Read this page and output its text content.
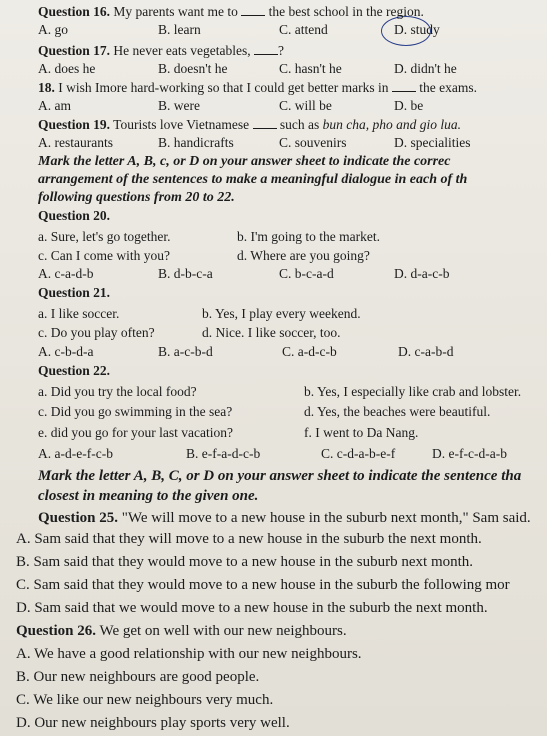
Question 16. My parents want me to  the best school in the region.
A. go	B. learn	C. attend	D. study
Question 17. He never eats vegetables, ?
A. does he	B. doesn't he	C. hasn't he	D. didn't he
18. I wish Imore hard-working so that I could get better marks in  the exams.
A. am	B. were	C. will be	D. be
Question 19. Tourists love Vietnamese  such as bun cha, pho and gio lua.
A. restaurants	B. handicrafts	C. souvenirs	D. specialities
Mark the letter A, B, c, or D on your answer sheet to indicate the correc
arrangement of the sentences to make a meaningful dialogue in each of th
following questions from 20 to 22.
Question 20.
a. Sure, let's go together.	b. I'm going to the market.
c. Can I come with you?	d. Where are you going?
A. c-a-d-b	B. d-b-c-a	C. b-c-a-d	D. d-a-c-b
Question 21.
a. I like soccer.	b. Yes, I play every weekend.
c. Do you play often?	d. Nice. I like soccer, too.
A. c-b-d-a	B. a-c-b-d	C. a-d-c-b	D. c-a-b-d
Question 22.
a. Did you try the local food?	b. Yes, I especially like crab and lobster.
c. Did you go swimming in the sea?	d. Yes, the beaches were beautiful.
e. did you go for your last vacation?	f. I went to Da Nang.
A. a-d-e-f-c-b	B. e-f-a-d-c-b	C. c-d-a-b-e-f	D. e-f-c-d-a-b
Mark the letter A, B, C, or D on your answer sheet to indicate the sentence tha
closest in meaning to the given one.
Question 25. "We will move to a new house in the suburb next month," Sam said.
A. Sam said that they will move to a new house in the suburb the next month.
B. Sam said that they would move to a new house in the suburb next month.
C. Sam said that they would move to a new house in the suburb the following mor
D. Sam said that we would move to a new house in the suburb the next month.
Question 26. We get on well with our new neighbours.
A. We have a good relationship with our new neighbours.
B. Our new neighbours are good people.
C. We like our new neighbours very much.
D. Our new neighbours play sports very well.
